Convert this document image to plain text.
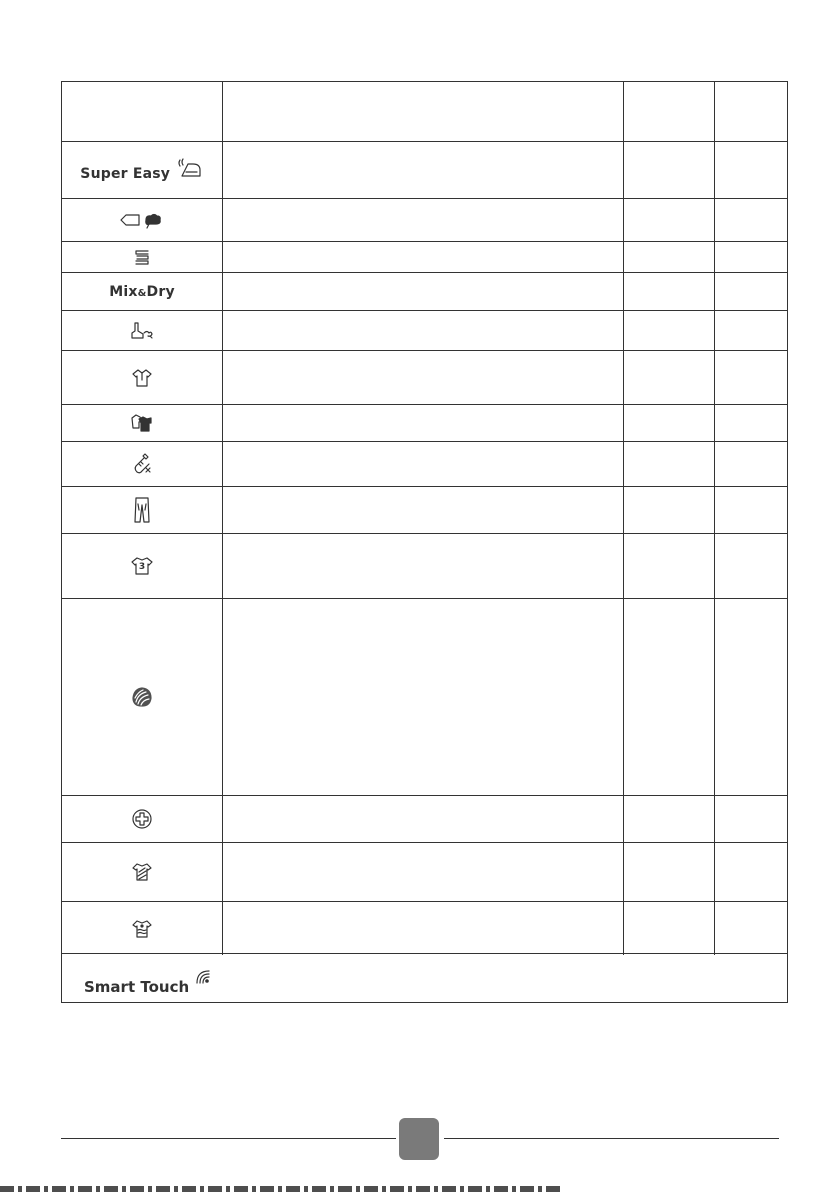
Super Easy
Mix&Dry
3
Smart Touch
